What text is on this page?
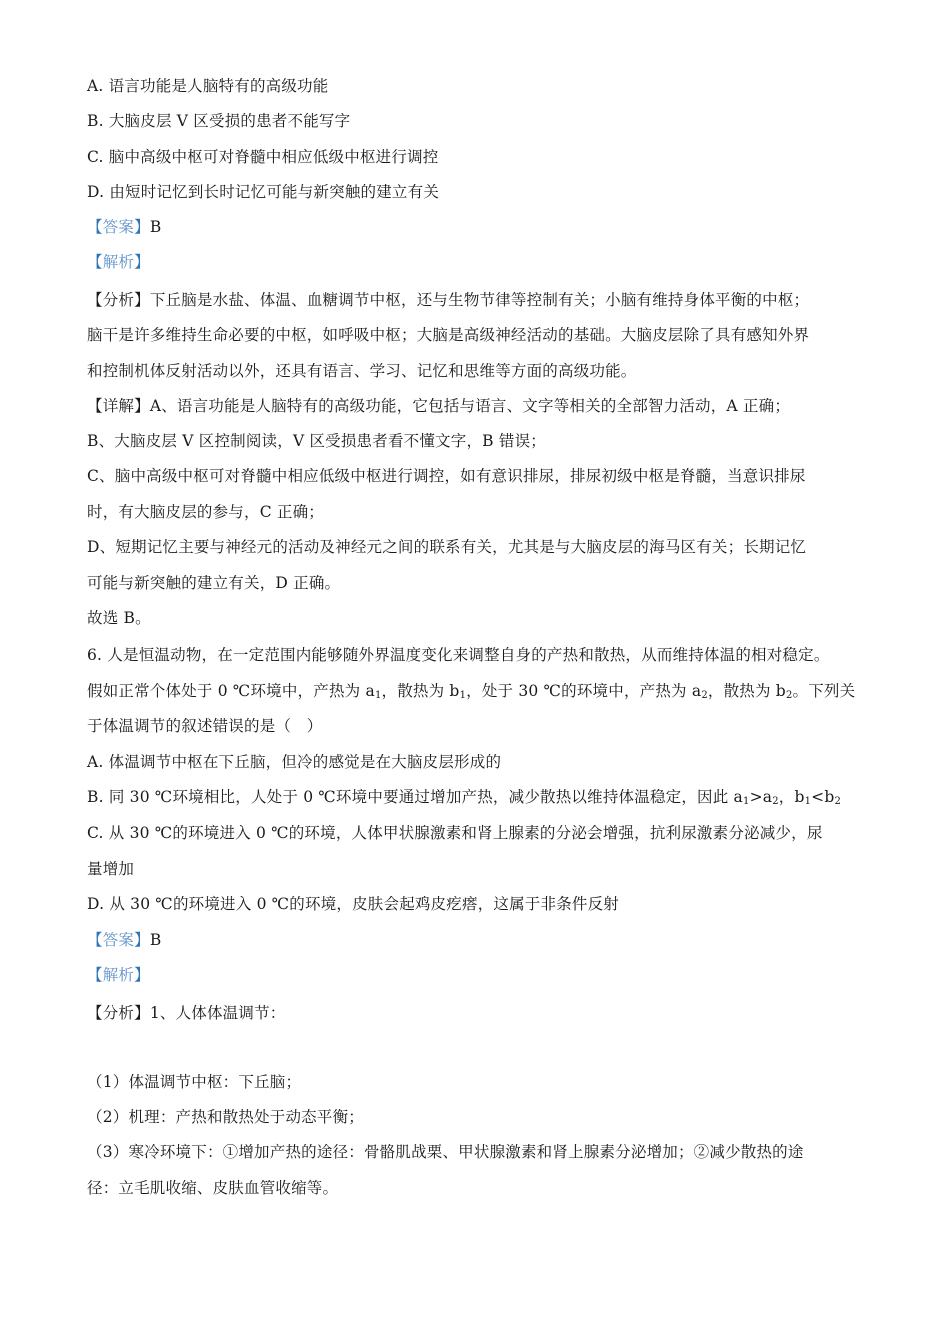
A. 语言功能是人脑特有的高级功能
B. 大脑皮层 V 区受损的患者不能写字
C. 脑中高级中枢可对脊髓中相应低级中枢进行调控
D. 由短时记忆到长时记忆可能与新突触的建立有关
【答案】B
【解析】
【分析】下丘脑是水盐、体温、血糖调节中枢，还与生物节律等控制有关；小脑有维持身体平衡的中枢；
脑干是许多维持生命必要的中枢，如呼吸中枢；大脑是高级神经活动的基础。大脑皮层除了具有感知外界
和控制机体反射活动以外，还具有语言、学习、记忆和思维等方面的高级功能。
【详解】A、语言功能是人脑特有的高级功能，它包括与语言、文字等相关的全部智力活动，A 正确；
B、大脑皮层 V 区控制阅读，V 区受损患者看不懂文字，B 错误；
C、脑中高级中枢可对脊髓中相应低级中枢进行调控，如有意识排尿，排尿初级中枢是脊髓，当意识排尿
时，有大脑皮层的参与，C 正确；
D、短期记忆主要与神经元的活动及神经元之间的联系有关，尤其是与大脑皮层的海马区有关；长期记忆
可能与新突触的建立有关，D 正确。
故选 B。
6. 人是恒温动物，在一定范围内能够随外界温度变化来调整自身的产热和散热，从而维持体温的相对稳定。
假如正常个体处于 0 ℃环境中，产热为 $a_1$，散热为 $b_1$，处于 30 ℃的环境中，产热为 $a_2$，散热为 $b_2$。下列关
于体温调节的叙述错误的是（　）
A. 体温调节中枢在下丘脑，但冷的感觉是在大脑皮层形成的
B. 同 30 ℃环境相比，人处于 0 ℃环境中要通过增加产热，减少散热以维持体温稳定，因此 $a_1>a_2$，$b_1<b_2$
C. 从 30 ℃的环境进入 0 ℃的环境，人体甲状腺激素和肾上腺素的分泌会增强，抗利尿激素分泌减少，尿
量增加
D. 从 30 ℃的环境进入 0 ℃的环境，皮肤会起鸡皮疙瘩，这属于非条件反射
【答案】B
【解析】
【分析】1、人体体温调节：
（1）体温调节中枢：下丘脑；
（2）机理：产热和散热处于动态平衡；
（3）寒冷环境下：①增加产热的途径：骨骼肌战栗、甲状腺激素和肾上腺素分泌增加；②减少散热的途
径：立毛肌收缩、皮肤血管收缩等。
